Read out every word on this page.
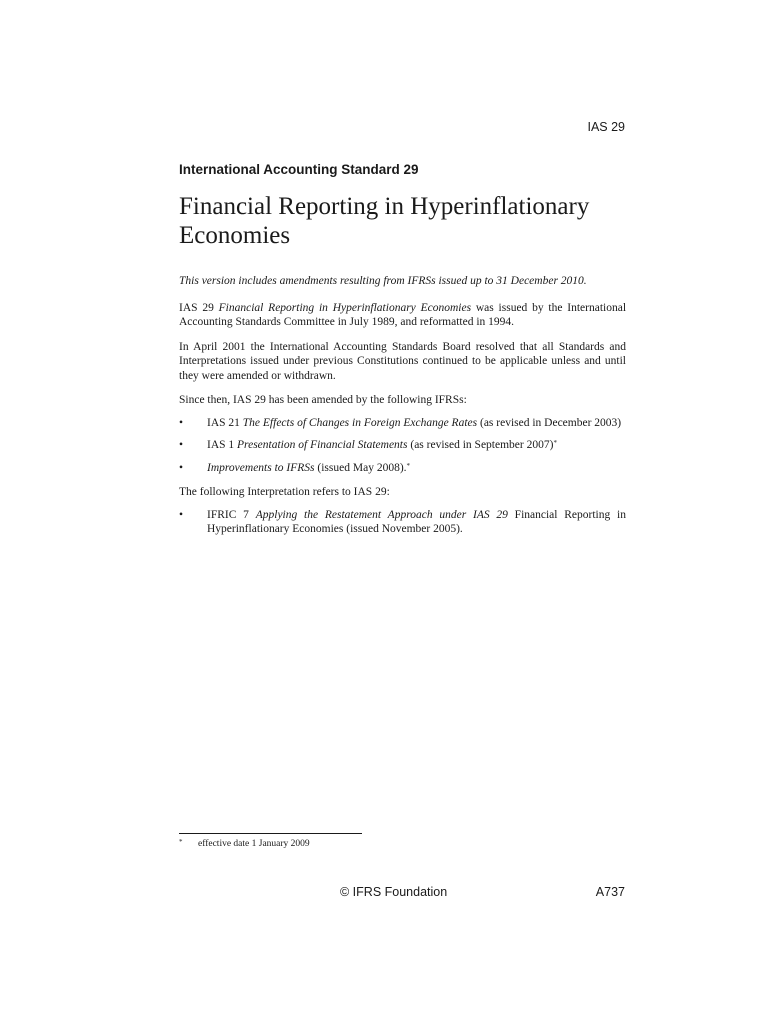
IAS 29
International Accounting Standard 29
Financial Reporting in Hyperinflationary
Economies

This version includes amendments resulting from IFRSs issued up to 31 December 2010.

IAS 29 Financial Reporting in Hyperinflationary Economies was issued by the International Accounting Standards Committee in July 1989, and reformatted in 1994.

In April 2001 the International Accounting Standards Board resolved that all Standards and Interpretations issued under previous Constitutions continued to be applicable unless and until they were amended or withdrawn.

Since then, IAS 29 has been amended by the following IFRSs:

• IAS 21 The Effects of Changes in Foreign Exchange Rates (as revised in December 2003)
• IAS 1 Presentation of Financial Statements (as revised in September 2007)*
• Improvements to IFRSs (issued May 2008).*

The following Interpretation refers to IAS 29:

• IFRIC 7 Applying the Restatement Approach under IAS 29 Financial Reporting in Hyperinflationary Economies (issued November 2005).
* effective date 1 January 2009
© IFRS Foundation	A737
